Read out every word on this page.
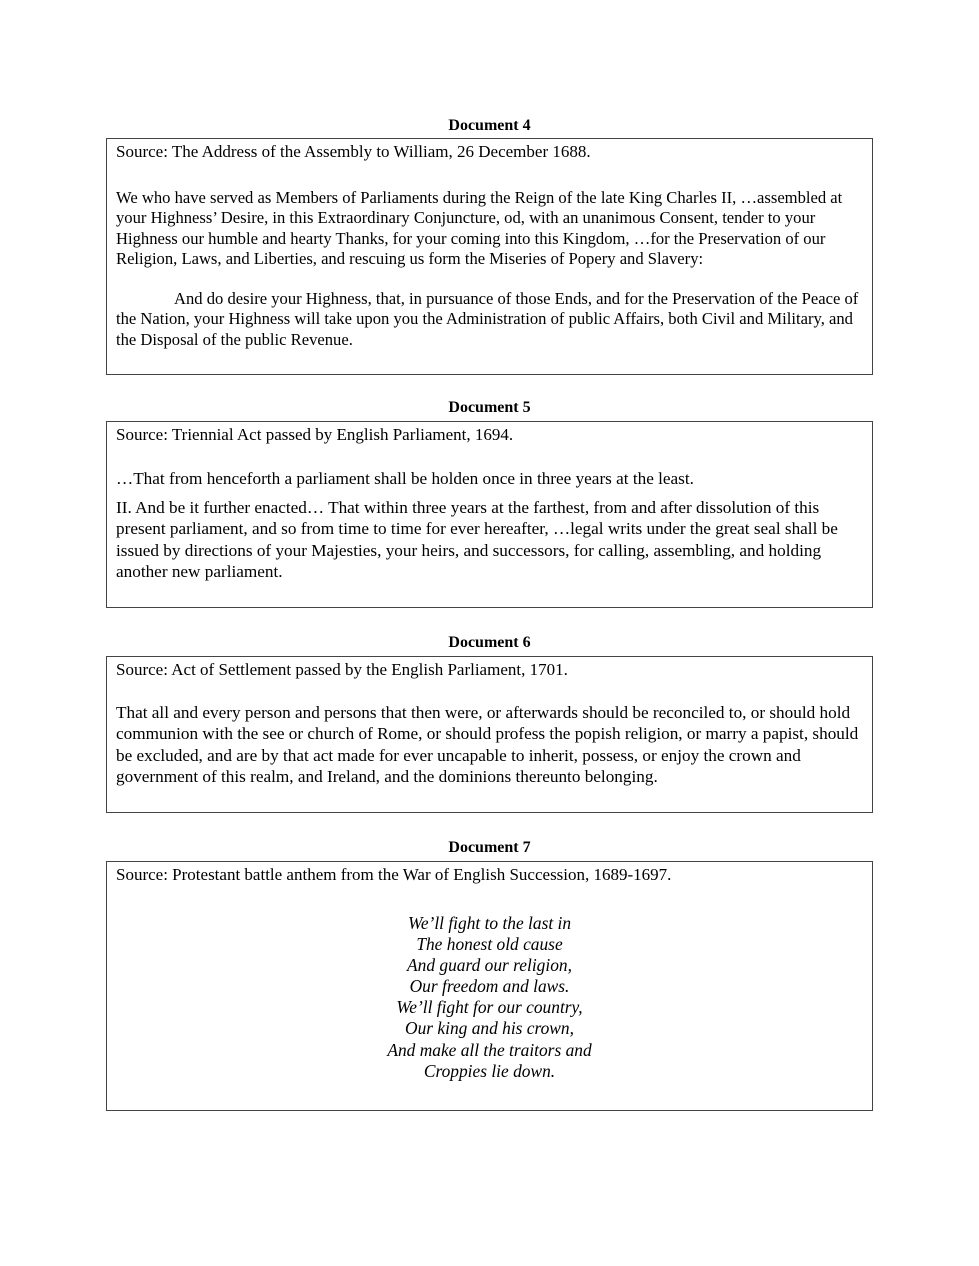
Document 4
Source: The Address of the Assembly to William, 26 December 1688.
We who have served as Members of Parliaments during the Reign of the late King Charles II, …assembled at your Highness’ Desire, in this Extraordinary Conjuncture, od, with an unanimous Consent, tender to your Highness our humble and hearty Thanks, for your coming into this Kingdom, …for the Preservation of our Religion, Laws, and Liberties, and rescuing us form the Miseries of Popery and Slavery:
And do desire your Highness, that, in pursuance of those Ends, and for the Preservation of the Peace of the Nation, your Highness will take upon you the Administration of public Affairs, both Civil and Military, and the Disposal of the public Revenue.
Document 5
Source: Triennial Act passed by English Parliament, 1694.
…That from henceforth a parliament shall be holden once in three years at the least.
II. And be it further enacted… That within three years at the farthest, from and after dissolution of this present parliament, and so from time to time for ever hereafter, …legal writs under the great seal shall be issued by directions of your Majesties, your heirs, and successors, for calling, assembling, and holding another new parliament.
Document 6
Source: Act of Settlement passed by the English Parliament, 1701.
That all and every person and persons that then were, or afterwards should be reconciled to, or should hold communion with the see or church of Rome, or should profess the popish religion, or marry a papist, should be excluded, and are by that act made for ever uncapable to inherit, possess, or enjoy the crown and government of this realm, and Ireland, and the dominions thereunto belonging.
Document 7
Source: Protestant battle anthem from the War of English Succession, 1689-1697.
We’ll fight to the last in
The honest old cause
And guard our religion,
Our freedom and laws.
We’ll fight for our country,
Our king and his crown,
And make all the traitors and
Croppies lie down.
